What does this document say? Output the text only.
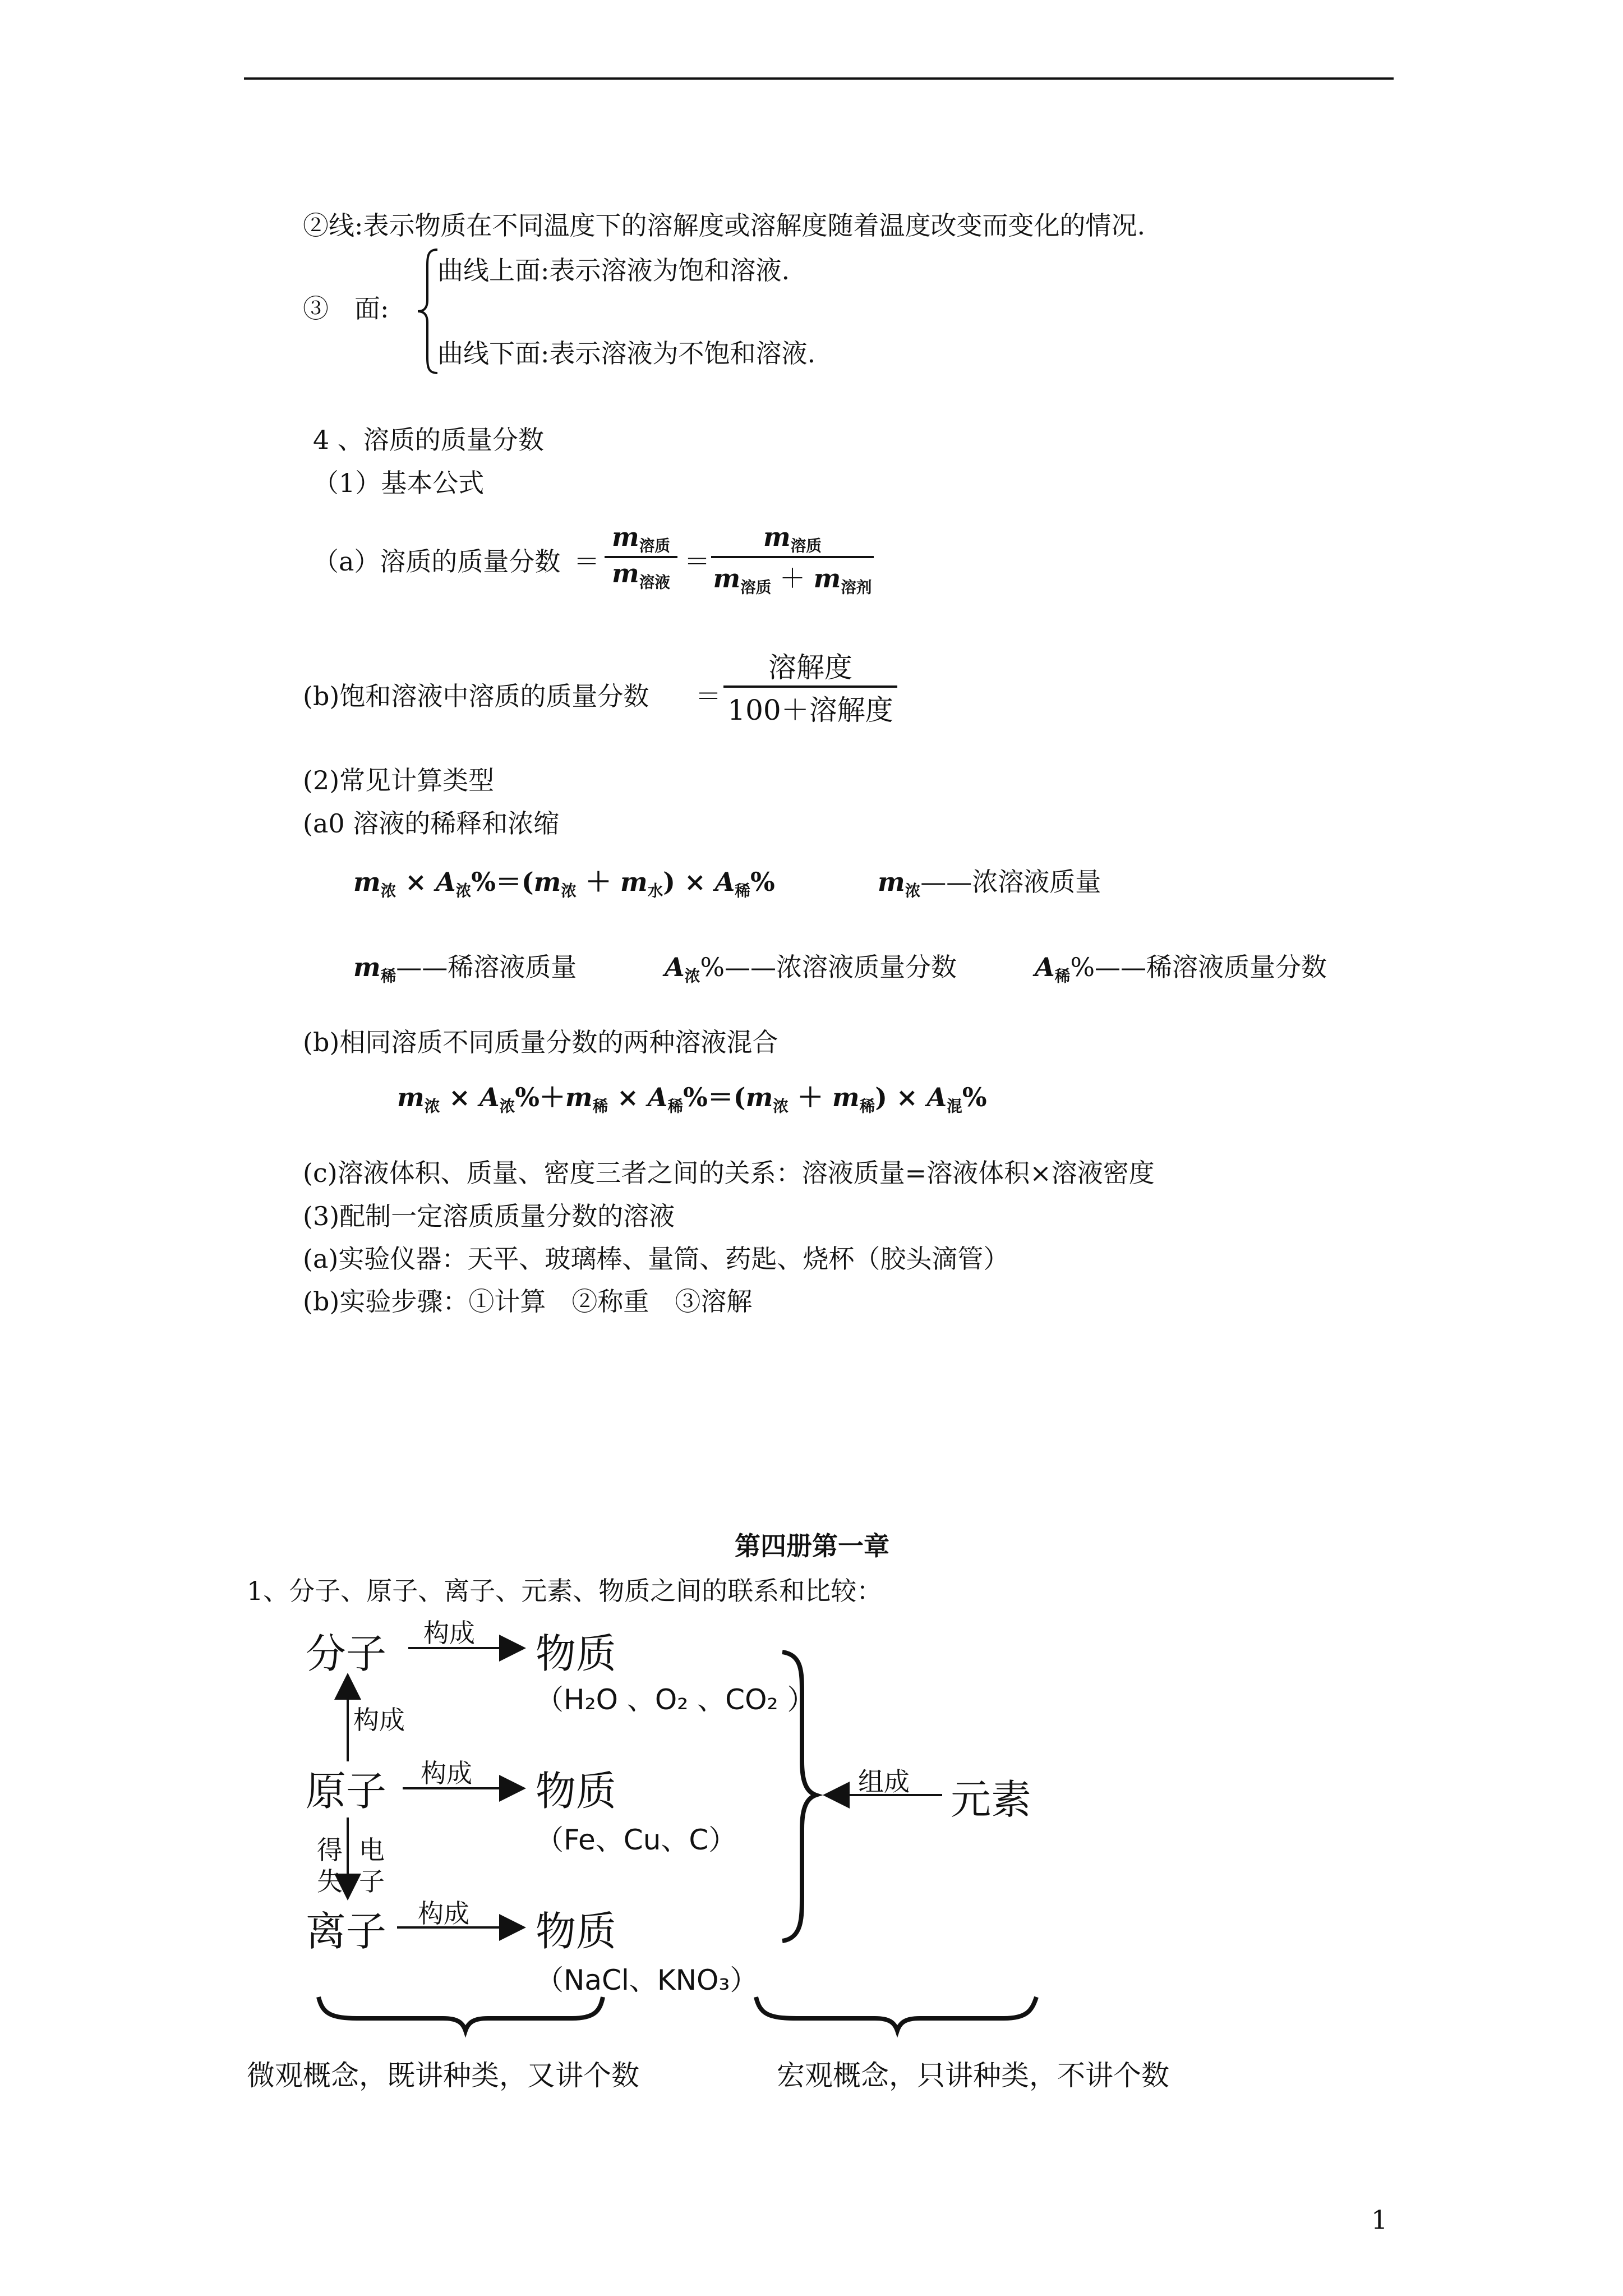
②线:表示物质在不同温度下的溶解度或溶解度随着温度改变而变化的情况.
③　面:
曲线上面:表示溶液为饱和溶液.
曲线下面:表示溶液为不饱和溶液.
4 、溶质的质量分数
（1）基本公式
（a）溶质的质量分数 ＝
$m_{溶质}$
$m_{溶液}$
＝
$m_{溶质}$
$m_{溶质} + m_{溶剂}$
(b)饱和溶液中溶质的质量分数 ＝
溶解度
100＋溶解度
(2)常见计算类型
(a0 溶液的稀释和浓缩
$m_浓 \times A_浓\%=(m_浓 + m_水) \times A_稀\%$	$m_浓——$浓溶液质量
$m_稀——$稀溶液质量	$A_浓\%——$浓溶液质量分数	$A_稀\%——$稀溶液质量分数
(b)相同溶质不同质量分数的两种溶液混合
$m_浓 \times A_浓\%+m_稀 \times A_稀\%=(m_浓 + m_稀) \times A_混\%$
(c)溶液体积、质量、密度三者之间的关系：溶液质量=溶液体积×溶液密度
(3)配制一定溶质质量分数的溶液
(a)实验仪器：天平、玻璃棒、量筒、药匙、烧杯（胶头滴管）
(b)实验步骤：①计算　②称重　③溶解
第四册第一章
1、分子、原子、离子、元素、物质之间的联系和比较：
分子
原子
离子
物质
物质
物质
（H₂O 、O₂ 、CO₂ ）
（Fe、Cu、C）
（NaCl、KNO₃）
构成
构成
构成
构成
得
失
电
子
组成 元素
微观概念，既讲种类，又讲个数	宏观概念，只讲种类，不讲个数
1
